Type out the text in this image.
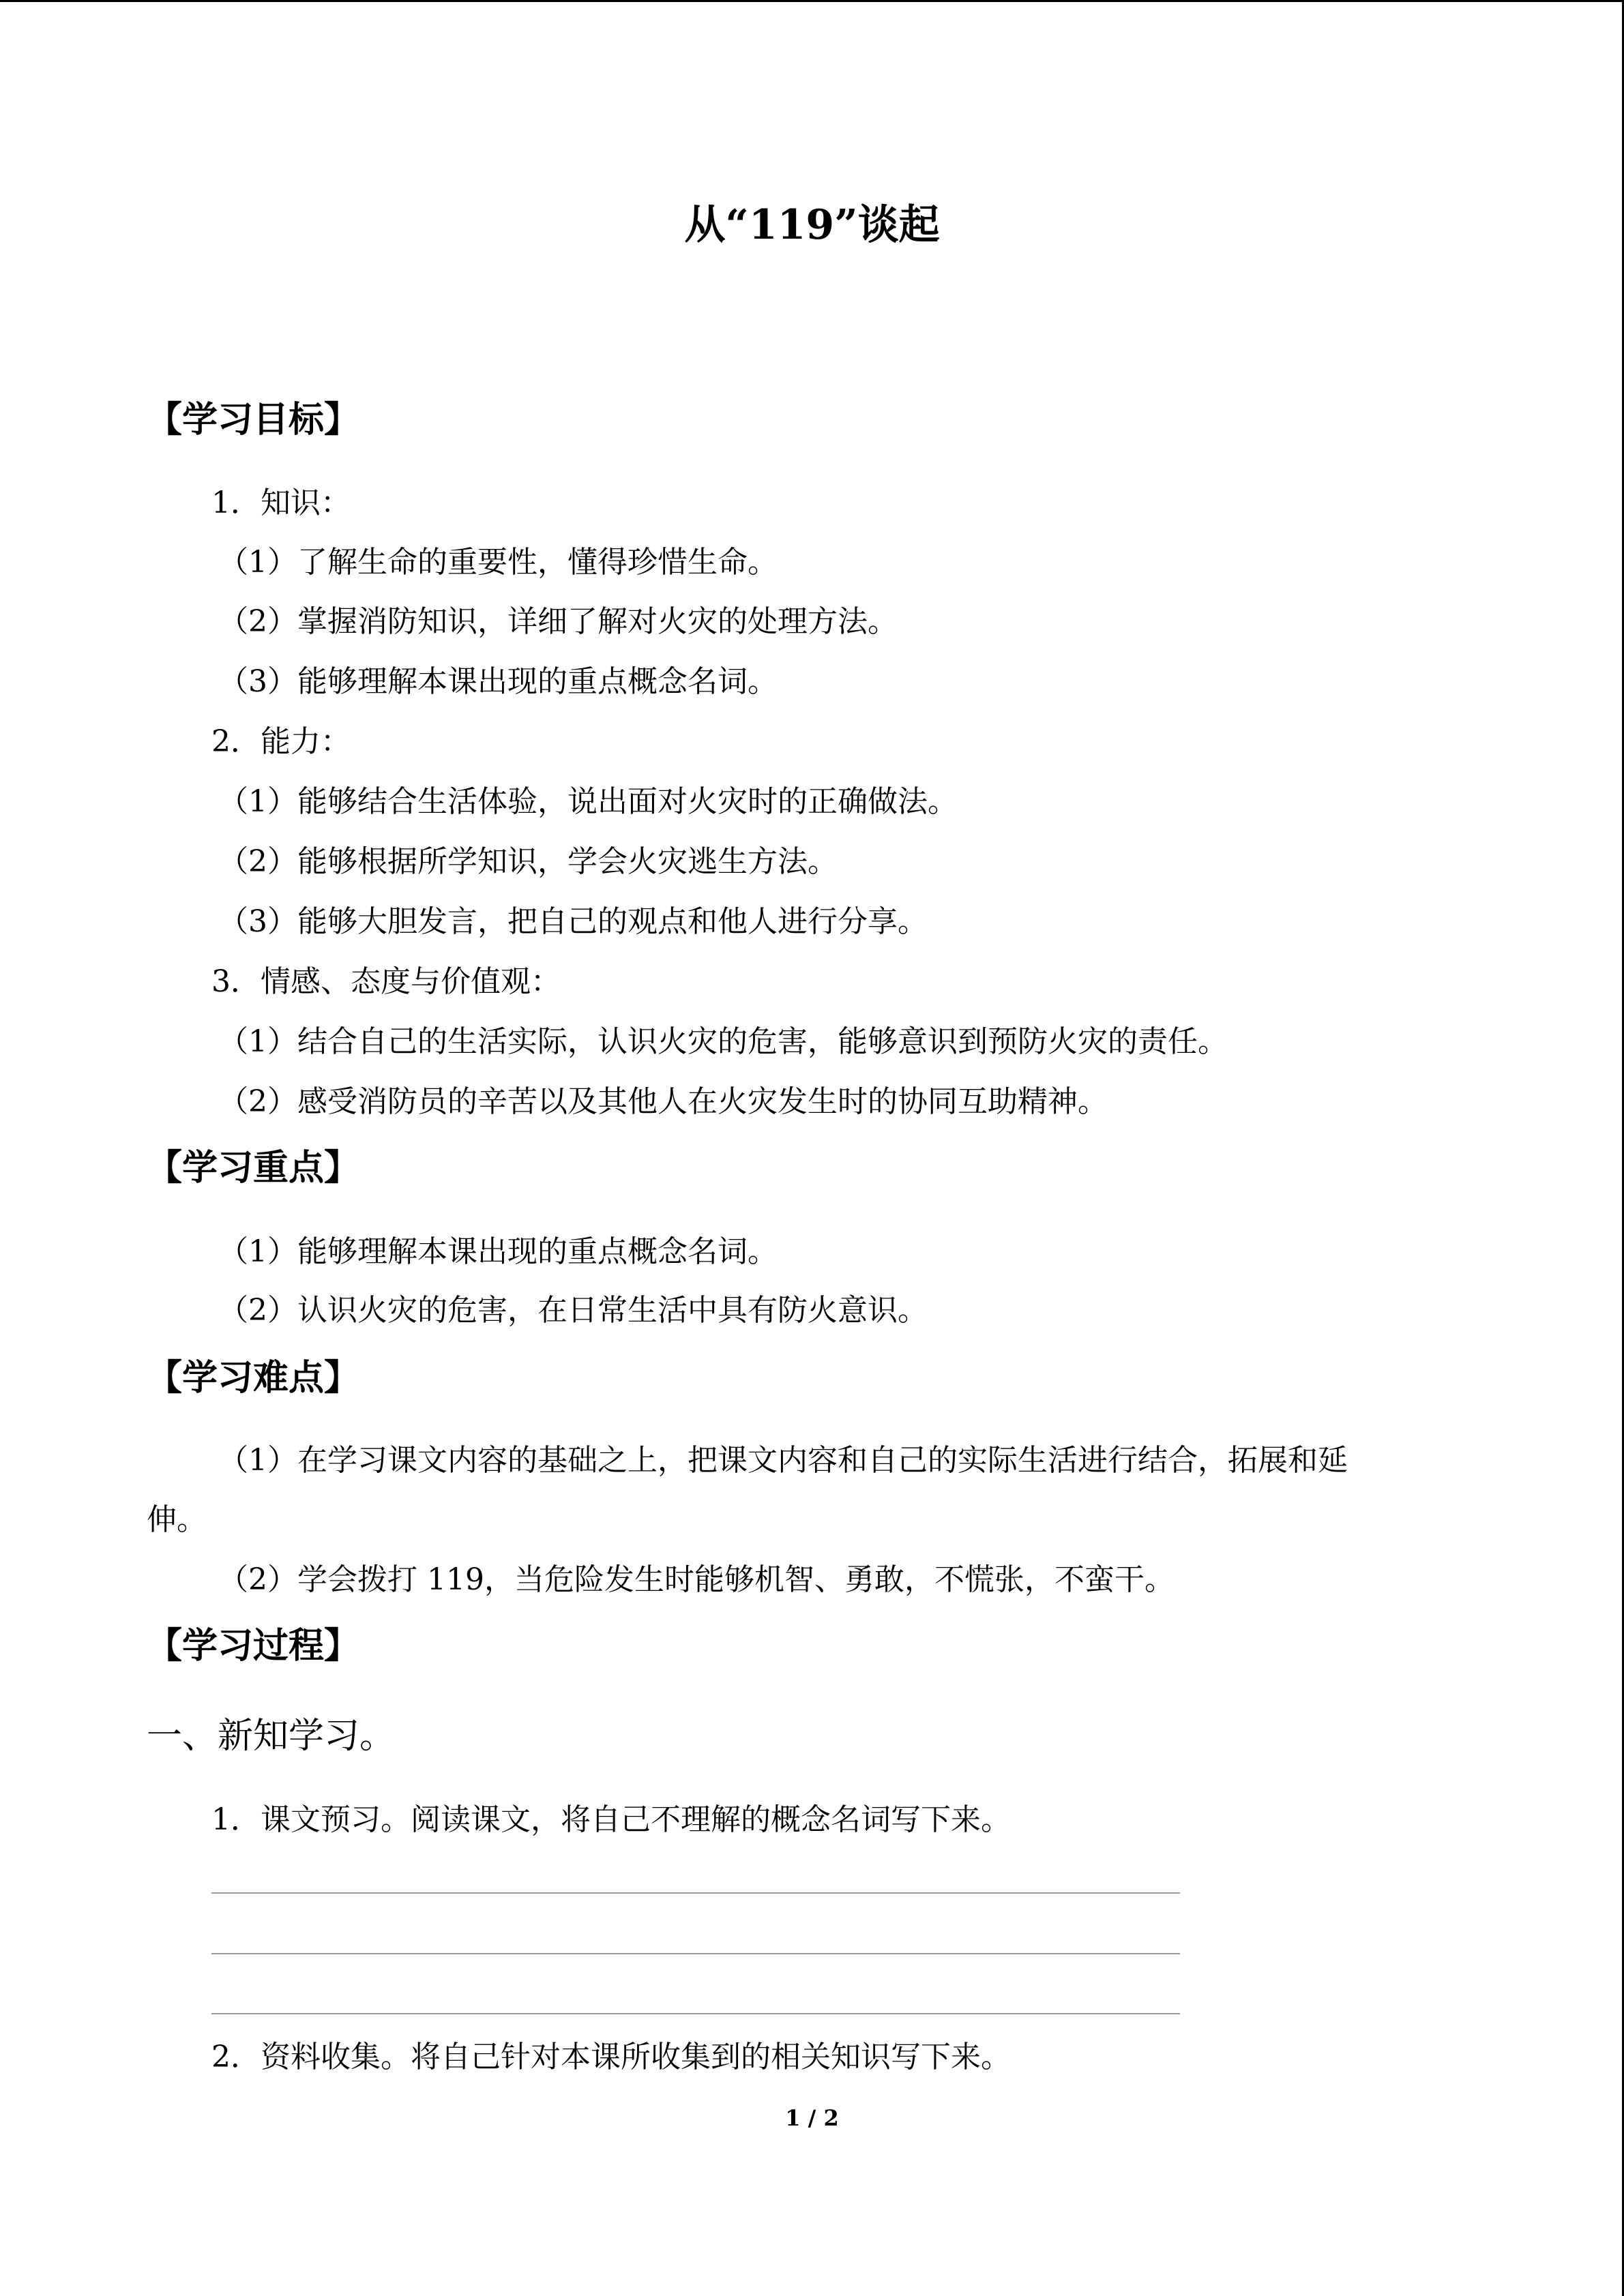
从“119”谈起
【学习目标】
1．知识：
（1）了解生命的重要性，懂得珍惜生命。
（2）掌握消防知识，详细了解对火灾的处理方法。
（3）能够理解本课出现的重点概念名词。
2．能力：
（1）能够结合生活体验，说出面对火灾时的正确做法。
（2）能够根据所学知识，学会火灾逃生方法。
（3）能够大胆发言，把自己的观点和他人进行分享。
3．情感、态度与价值观：
（1）结合自己的生活实际，认识火灾的危害，能够意识到预防火灾的责任。
（2）感受消防员的辛苦以及其他人在火灾发生时的协同互助精神。
【学习重点】
（1）能够理解本课出现的重点概念名词。
（2）认识火灾的危害，在日常生活中具有防火意识。
【学习难点】
（1）在学习课文内容的基础之上，把课文内容和自己的实际生活进行结合，拓展和延
伸。
（2）学会拨打 119，当危险发生时能够机智、勇敢，不慌张，不蛮干。
【学习过程】
一、新知学习。
1．课文预习。阅读课文，将自己不理解的概念名词写下来。
2．资料收集。将自己针对本课所收集到的相关知识写下来。
1 / 2
